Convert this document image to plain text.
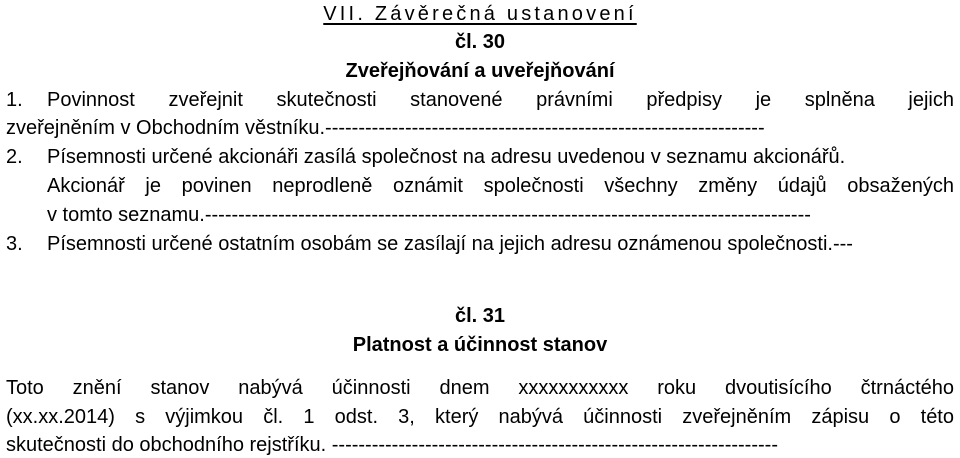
VII. Závěrečná ustanovení
čl. 30
Zveřejňování a uveřejňování
1. Povinnost zveřejnit skutečnosti stanovené právními předpisy je splněna jejich
zveřejněním v Obchodním věstníku.------------------------------------------------------------------
2. Písemnosti určené akcionáři zasílá společnost na adresu uvedenou v seznamu akcionářů.
Akcionář je povinen neprodleně oznámit společnosti všechny změny údajů obsažených
v tomto seznamu.-------------------------------------------------------------------------------------------
3. Písemnosti určené ostatním osobám se zasílají na jejich adresu oznámenou společnosti.---
čl. 31
Platnost a účinnost stanov
Toto znění stanov nabývá účinnosti dnem xxxxxxxxxxx roku dvoutisícího čtrnáctého
(xx.xx.2014) s výjimkou čl. 1 odst. 3, který nabývá účinnosti zveřejněním zápisu o této
skutečnosti do obchodního rejstříku. -------------------------------------------------------------------
